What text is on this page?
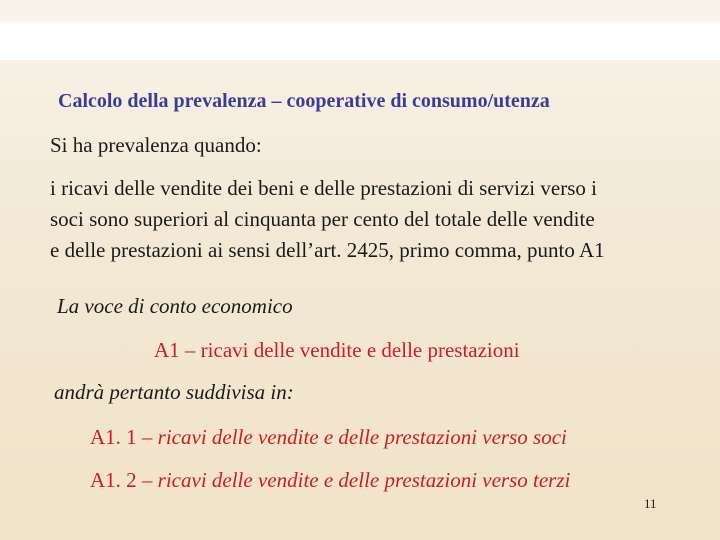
Calcolo della prevalenza – cooperative di consumo/utenza
Si ha prevalenza quando:
i ricavi delle vendite dei beni e delle prestazioni di servizi verso i
soci sono superiori al cinquanta per cento del totale delle vendite
e delle prestazioni ai sensi dell’art. 2425, primo comma, punto A1
La voce di conto economico
A1 – ricavi delle vendite e delle prestazioni
andrà pertanto suddivisa in:
A1. 1 – ricavi delle vendite e delle prestazioni verso soci
A1. 2 – ricavi delle vendite e delle prestazioni verso terzi
11
